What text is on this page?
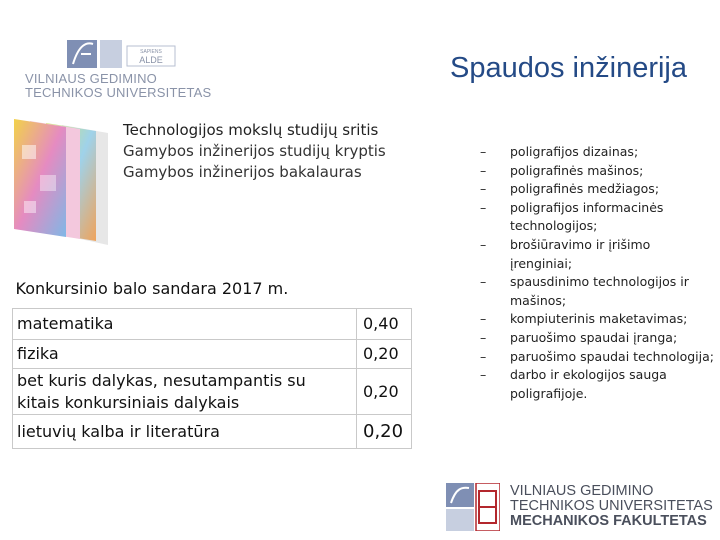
SAPIENS
ALDE
VILNIAUS GEDIMINO
TECHNIKOS UNIVERSITETAS
Spaudos inžinerija
Technologijos mokslų studijų sritis
Gamybos inžinerijos studijų kryptis
Gamybos inžinerijos bakalauras
Konkursinio balo sandara 2017 m.	
matematika	0,40
fizika	0,20
bet kuris dalykas, nesutampantis su kitais konkursiniais dalykais	0,20
lietuvių kalba ir literatūra	0,20
–	poligrafijos dizainas;
–	poligrafinės mašinos;
–	poligrafinės medžiagos;
–	poligrafijos informacinės technologijos;
–	brošiūravimo ir įrišimo įrenginiai;
–	spausdinimo technologijos ir mašinos;
–	kompiuterinis maketavimas;
–	paruošimo spaudai įranga;
–	paruošimo spaudai technologija;
–	darbo ir ekologijos sauga poligrafijoje.
VILNIAUS GEDIMINO
TECHNIKOS UNIVERSITETAS
MECHANIKOS FAKULTETAS
